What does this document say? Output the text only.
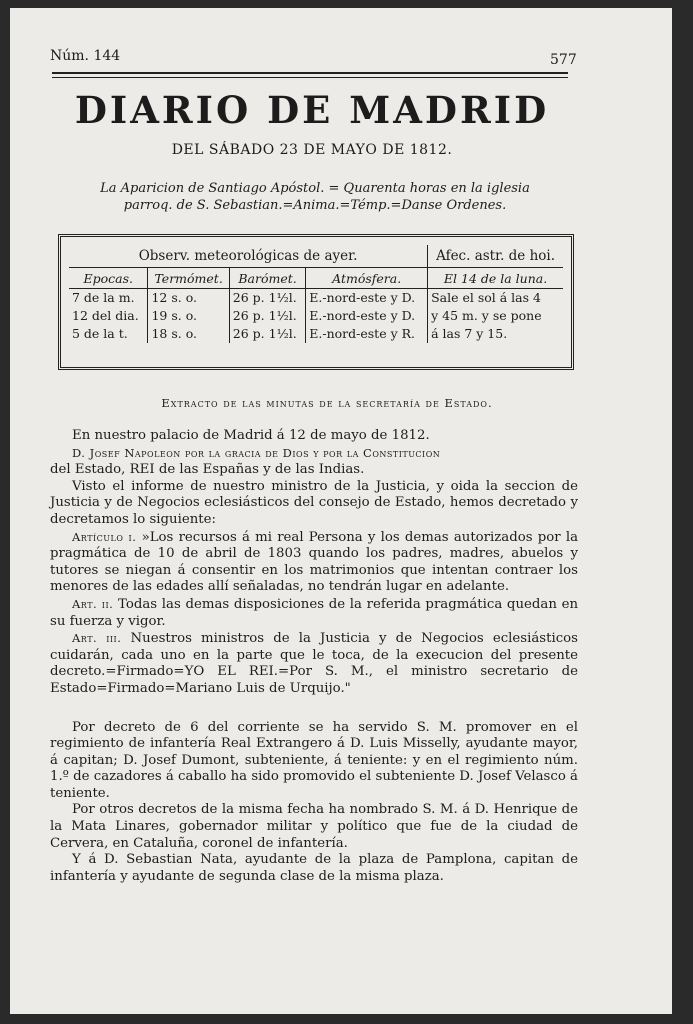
Núm. 144	577
DIARIO DE MADRID
DEL SÁBADO 23 DE MAYO DE 1812.
La Aparicion de Santiago Apóstol. = Quarenta horas en la iglesia
parroq. de S. Sebastian.=Anima.=Témp.=Danse Ordenes.
Observ. meteorológicas de ayer.				Afec. astr. de hoi.
Epocas.	Termómet.	Barómet.	Atmósfera.	El 14 de la luna.
7 de la m.	12 s. o.	26 p. 1½l.	E.-nord-este y D.	Sale el sol á las 4
12 del dia.	19 s. o.	26 p. 1½l.	E.-nord-este y D.	y 45 m. y se pone
5 de la t.	18 s. o.	26 p. 1½l.	E.-nord-este y R.	á las 7 y 15.
Extracto de las minutas de la secretaría de Estado.

En nuestro palacio de Madrid á 12 de mayo de 1812.

D. Josef Napoleon por la gracia de Dios y por la Constitucion

del Estado, REI de las Españas y de las Indias.

Visto el informe de nuestro ministro de la Justicia, y oida la seccion de Justicia y de Negocios eclesiásticos del consejo de Estado, hemos decretado y decretamos lo siguiente:

Artículo i. »Los recursos á mi real Persona y los demas autorizados por la pragmática de 10 de abril de 1803 quando los padres, madres, abuelos y tutores se niegan á consentir en los matrimonios que intentan contraer los menores de las edades allí señaladas, no tendrán lugar en adelante.

Art. ii. Todas las demas disposiciones de la referida pragmática quedan en su fuerza y vigor.

Art. iii. Nuestros ministros de la Justicia y de Negocios eclesiásticos cuidarán, cada uno en la parte que le toca, de la execucion del presente decreto.=Firmado=YO EL REI.=Por S. M., el ministro secretario de Estado=Firmado=Mariano Luis de Urquijo."

Por decreto de 6 del corriente se ha servido S. M. promover en el regimiento de infantería Real Extrangero á D. Luis Misselly, ayudante mayor, á capitan; D. Josef Dumont, subteniente, á teniente: y en el regimiento núm. 1.º de cazadores á caballo ha sido promovido el subteniente D. Josef Velasco á teniente.

Por otros decretos de la misma fecha ha nombrado S. M. á D. Henrique de la Mata Linares, gobernador militar y político que fue de la ciudad de Cervera, en Cataluña, coronel de infantería.

Y á D. Sebastian Nata, ayudante de la plaza de Pamplona, capitan de infantería y ayudante de segunda clase de la misma plaza.
